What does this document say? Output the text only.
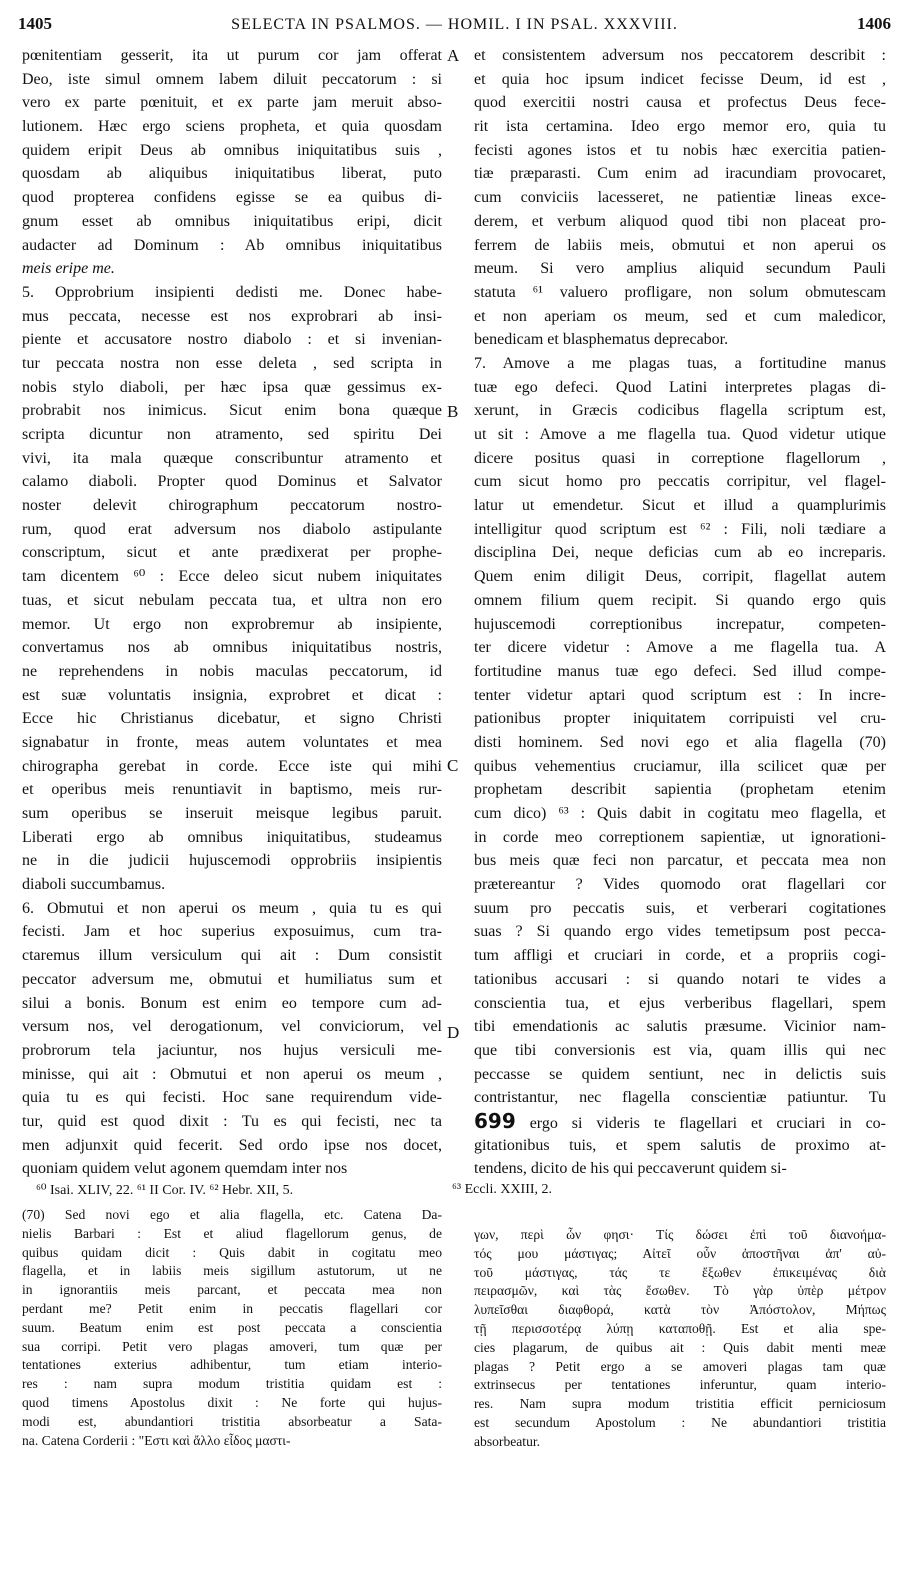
1405	SELECTA IN PSALMOS. — HOMIL. I IN PSAL. XXXVIII.	1406
pœnitentiam gesserit, ita ut purum cor jam offerat
Deo, iste simul omnem labem diluit peccatorum : si
vero ex parte pœnituit, et ex parte jam meruit abso-
lutionem. Hæc ergo sciens propheta, et quia quosdam
quidem eripit Deus ab omnibus iniquitatibus suis ,
quosdam ab aliquibus iniquitatibus liberat, puto
quod propterea confidens egisse se ea quibus di-
gnum esset ab omnibus iniquitatibus eripi, dicit
audacter ad Dominum : Ab omnibus iniquitatibus
meis eripe me.
5. Opprobrium insipienti dedisti me. Donec habe-
mus peccata, necesse est nos exprobrari ab insi-
piente et accusatore nostro diabolo : et si invenian-
tur peccata nostra non esse deleta , sed scripta in
nobis stylo diaboli, per hæc ipsa quæ gessimus ex-
probrabit nos inimicus. Sicut enim bona quæque
scripta dicuntur non atramento, sed spiritu Dei
vivi, ita mala quæque conscribuntur atramento et
calamo diaboli. Propter quod Dominus et Salvator
noster delevit chirographum peccatorum nostro-
rum, quod erat adversum nos diabolo astipulante
conscriptum, sicut et ante prædixerat per prophe-
tam dicentem ⁶⁰ : Ecce deleo sicut nubem iniquitates
tuas, et sicut nebulam peccata tua, et ultra non ero
memor. Ut ergo non exprobremur ab insipiente,
convertamus nos ab omnibus iniquitatibus nostris,
ne reprehendens in nobis maculas peccatorum, id
est suæ voluntatis insignia, exprobret et dicat :
Ecce hic Christianus dicebatur, et signo Christi
signabatur in fronte, meas autem voluntates et mea
chirographa gerebat in corde. Ecce iste qui mihi
et operibus meis renuntiavit in baptismo, meis rur-
sum operibus se inseruit meisque legibus paruit.
Liberati ergo ab omnibus iniquitatibus, studeamus
ne in die judicii hujuscemodi opprobriis insipientis
diaboli succumbamus.
6. Obmutui et non aperui os meum , quia tu es qui
fecisti. Jam et hoc superius exposuimus, cum tra-
ctaremus illum versiculum qui ait : Dum consistit
peccator adversum me, obmutui et humiliatus sum et
silui a bonis. Bonum est enim eo tempore cum ad-
versum nos, vel derogationum, vel conviciorum, vel
probrorum tela jaciuntur, nos hujus versiculi me-
minisse, qui ait : Obmutui et non aperui os meum ,
quia tu es qui fecisti. Hoc sane requirendum vide-
tur, quid est quod dixit : Tu es qui fecisti, nec ta
men adjunxit quid fecerit. Sed ordo ipse nos docet,
quoniam quidem velut agonem quemdam inter nos
et consistentem adversum nos peccatorem describit :
et quia hoc ipsum indicet fecisse Deum, id est ,
quod exercitii nostri causa et profectus Deus fece-
rit ista certamina. Ideo ergo memor ero, quia tu
fecisti agones istos et tu nobis hæc exercitia patien-
tiæ præparasti. Cum enim ad iracundiam provocaret,
cum conviciis lacesseret, ne patientiæ lineas exce-
derem, et verbum aliquod quod tibi non placeat pro-
ferrem de labiis meis, obmutui et non aperui os
meum. Si vero amplius aliquid secundum Pauli
statuta ⁶¹ valuero profligare, non solum obmutescam
et non aperiam os meum, sed et cum maledicor,
benedicam et blasphematus deprecabor.
7. Amove a me plagas tuas, a fortitudine manus
tuæ ego defeci. Quod Latini interpretes plagas di-
xerunt, in Græcis codicibus flagella scriptum est,
ut sit : Amove a me flagella tua. Quod videtur utique
dicere positus quasi in correptione flagellorum ,
cum sicut homo pro peccatis corripitur, vel flagel-
latur ut emendetur. Sicut et illud a quamplurimis
intelligitur quod scriptum est ⁶² : Fili, noli tædiare a
disciplina Dei, neque deficias cum ab eo increparis.
Quem enim diligit Deus, corripit, flagellat autem
omnem filium quem recipit. Si quando ergo quis
hujuscemodi correptionibus increpatur, competen-
ter dicere videtur : Amove a me flagella tua. A
fortitudine manus tuæ ego defeci. Sed illud compe-
tenter videtur aptari quod scriptum est : In incre-
pationibus propter iniquitatem corripuisti vel cru-
disti hominem. Sed novi ego et alia flagella (70)
quibus vehementius cruciamur, illa scilicet quæ per
prophetam describit sapientia (prophetam etenim
cum dico) ⁶³ : Quis dabit in cogitatu meo flagella, et
in corde meo correptionem sapientiæ, ut ignorationi-
bus meis quæ feci non parcatur, et peccata mea non
prætereantur ? Vides quomodo orat flagellari cor
suum pro peccatis suis, et verberari cogitationes
suas ? Si quando ergo vides temetipsum post pecca-
tum affligi et cruciari in corde, et a propriis cogi-
tationibus accusari : si quando notari te vides a
conscientia tua, et ejus verberibus flagellari, spem
tibi emendationis ac salutis præsume. Vicinior nam-
que tibi conversionis est via, quam illis qui nec
peccasse se quidem sentiunt, nec in delictis suis
contristantur, nec flagella conscientiæ patiuntur. Tu
699 ergo si videris te flagellari et cruciari in co-
gitationibus tuis, et spem salutis de proximo at-
tendens, dicito de his qui peccaverunt quidem si-
A
B
C
D
⁶⁰ Isai. XLIV, 22. ⁶¹ II Cor. IV. ⁶² Hebr. XII, 5.	⁶³ Eccli. XXIII, 2.
(70) Sed novi ego et alia flagella, etc. Catena Da-
nielis Barbari : Est et aliud flagellorum genus, de
quibus quidam dicit : Quis dabit in cogitatu meo
flagella, et in labiis meis sigillum astutorum, ut ne
in ignorantiis meis parcant, et peccata mea non
perdant me? Petit enim in peccatis flagellari cor
suum. Beatum enim est post peccata a conscientia
sua corripi. Petit vero plagas amoveri, tum quæ per
tentationes exterius adhibentur, tum etiam interio-
res : nam supra modum tristitia quidam est :
quod timens Apostolus dixit : Ne forte qui hujus-
modi est, abundantiori tristitia absorbeatur a Sata-
na. Catena Corderii : "Εστι καὶ ἄλλο εἶδος μαστι-
γων, περὶ ὧν φησι· Τίς δώσει ἐπὶ τοῦ διανοήμα-
τός μου μάστιγας; Αἰτεῖ οὖν ἀποστῆναι ἀπ' αὐ-
τοῦ μάστιγας, τάς τε ἔξωθεν ἐπικειμένας διὰ
πειρασμῶν, καὶ τὰς ἔσωθεν. Τὸ γὰρ ὑπὲρ μέτρον
λυπεῖσθαι διαφθορά, κατὰ τὸν Ἀπόστολον, Μήπως
τῇ περισσοτέρᾳ λύπῃ καταποθῇ. Est et alia spe-
cies plagarum, de quibus ait : Quis dabit menti meæ
plagas ? Petit ergo a se amoveri plagas tam quæ
extrinsecus per tentationes inferuntur, quam interio-
res. Nam supra modum tristitia efficit perniciosum
est secundum Apostolum : Ne abundantiori tristitia
absorbeatur.
